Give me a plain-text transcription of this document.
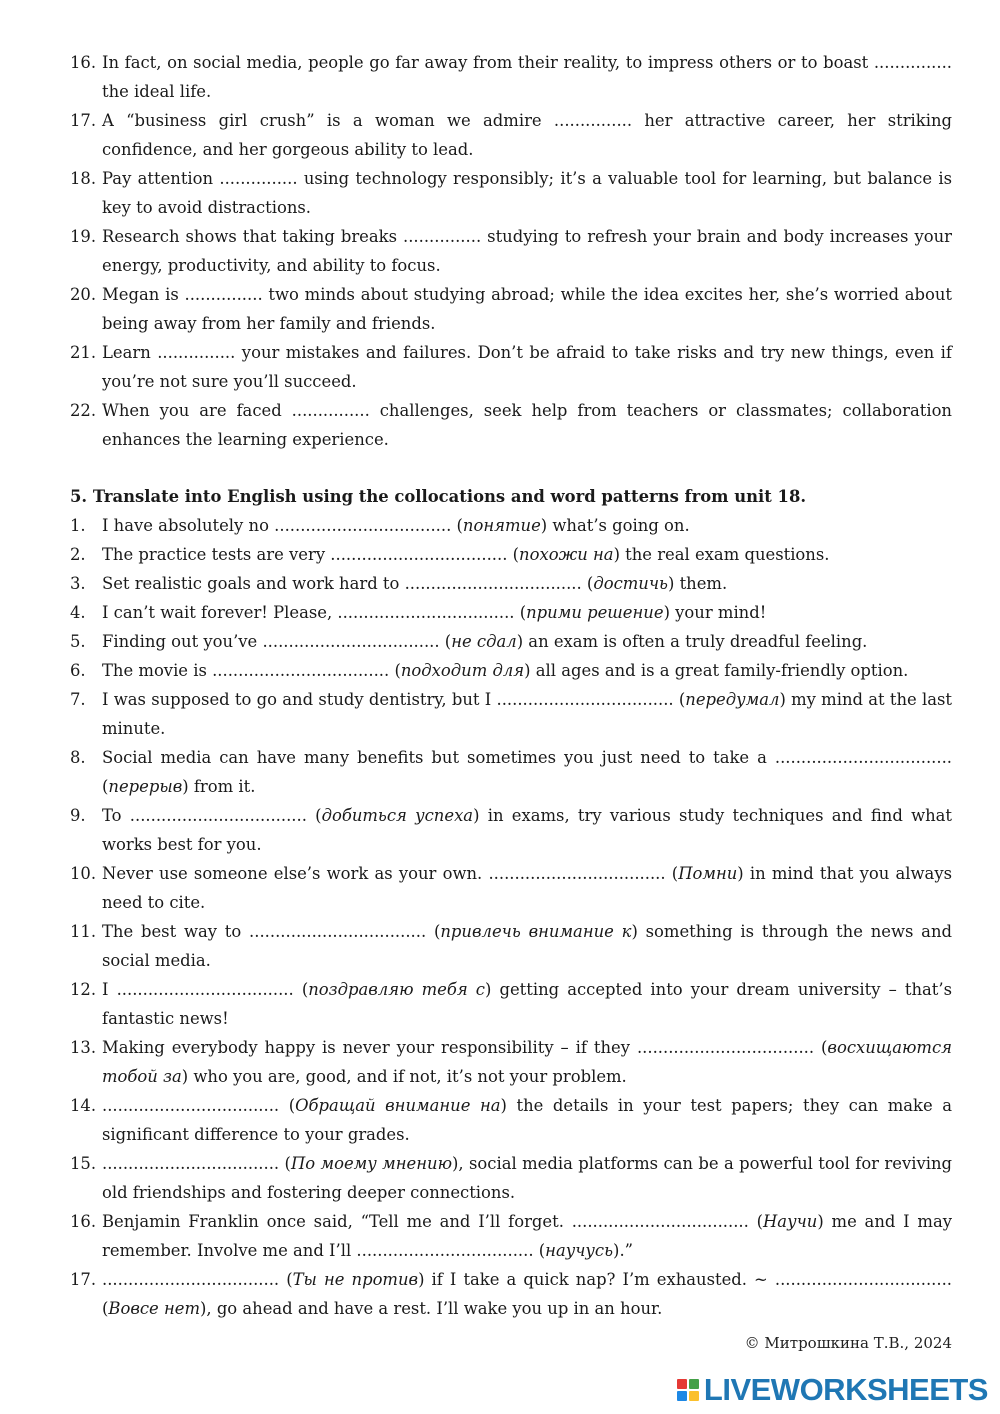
16. In fact, on social media, people go far away from their reality, to impress others or to boast ............... the ideal life.
17. A “business girl crush” is a woman we admire ............... her attractive career, her striking confidence, and her gorgeous ability to lead.
18. Pay attention ............... using technology responsibly; it’s a valuable tool for learning, but balance is key to avoid distractions.
19. Research shows that taking breaks ............... studying to refresh your brain and body increases your energy, productivity, and ability to focus.
20. Megan is ............... two minds about studying abroad; while the idea excites her, she’s worried about being away from her family and friends.
21. Learn ............... your mistakes and failures. Don’t be afraid to take risks and try new things, even if you’re not sure you’ll succeed.
22. When you are faced ............... challenges, seek help from teachers or classmates; collaboration enhances the learning experience.
5. Translate into English using the collocations and word patterns from unit 18.
1. I have absolutely no .................................. (понятие) what’s going on.
2. The practice tests are very .................................. (похожи на) the real exam questions.
3. Set realistic goals and work hard to .................................. (достичь) them.
4. I can’t wait forever! Please, .................................. (прими решение) your mind!
5. Finding out you’ve .................................. (не сдал) an exam is often a truly dreadful feeling.
6. The movie is .................................. (подходит для) all ages and is a great family-friendly option.
7. I was supposed to go and study dentistry, but I .................................. (передумал) my mind at the last minute.
8. Social media can have many benefits but sometimes you just need to take a .................................. (перерыв) from it.
9. To .................................. (добиться успеха) in exams, try various study techniques and find what works best for you.
10. Never use someone else’s work as your own. .................................. (Помни) in mind that you always need to cite.
11. The best way to .................................. (привлечь внимание к) something is through the news and social media.
12. I .................................. (поздравляю тебя с) getting accepted into your dream university – that’s fantastic news!
13. Making everybody happy is never your responsibility – if they .................................. (восхищаются тобой за) who you are, good, and if not, it’s not your problem.
14. .................................. (Обращай внимание на) the details in your test papers; they can make a significant difference to your grades.
15. .................................. (По моему мнению), social media platforms can be a powerful tool for reviving old friendships and fostering deeper connections.
16. Benjamin Franklin once said, “Tell me and I’ll forget. .................................. (Научи) me and I may remember. Involve me and I’ll .................................. (научусь).”
17. .................................. (Ты не против) if I take a quick nap? I’m exhausted. ~ .................................. (Вовсе нет), go ahead and have a rest. I’ll wake you up in an hour.
© Митрошкина Т.В., 2024
LIVEWORKSHEETS
